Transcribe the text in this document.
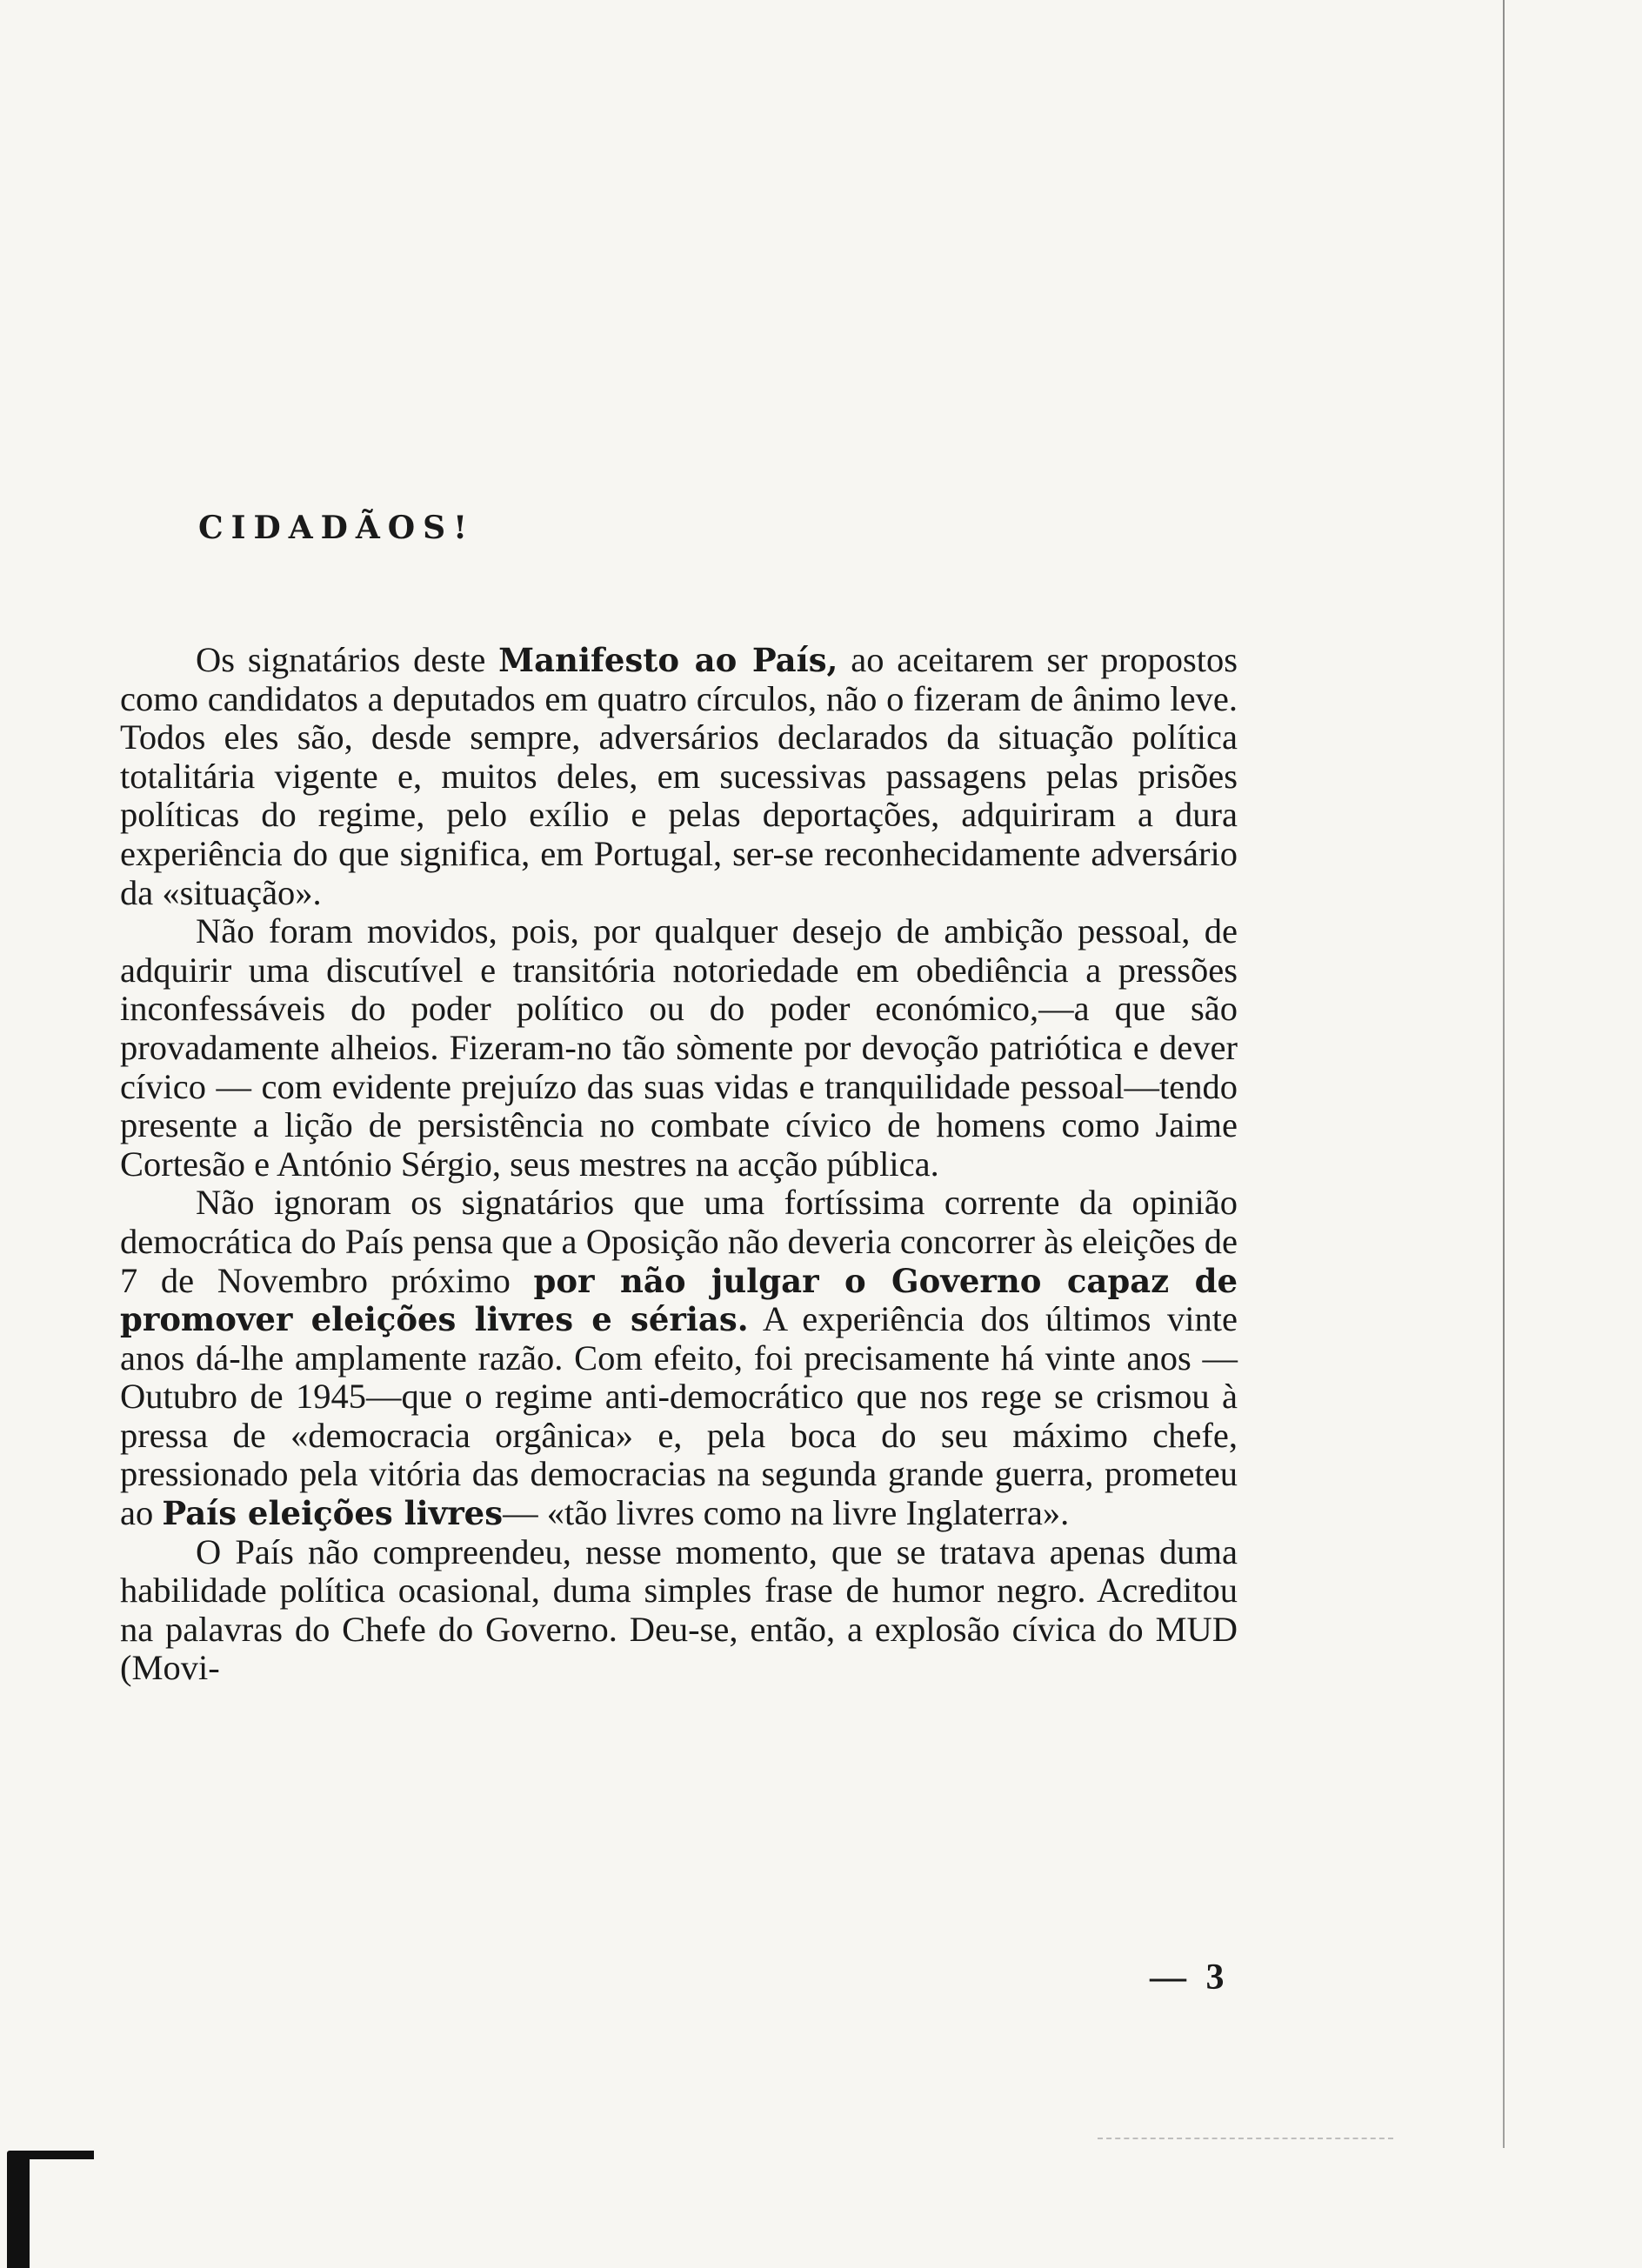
CIDADÃOS!

Os signatários deste Manifesto ao País, ao aceitarem ser propostos como candidatos a deputados em quatro círculos, não o fizeram de ânimo leve. Todos eles são, desde sempre, adversários declarados da situação política totalitária vigente e, muitos deles, em sucessivas passagens pelas prisões políticas do regime, pelo exílio e pelas deportações, adquiriram a dura experiência do que significa, em Portugal, ser-se reconhecidamente adversário da «situação».

Não foram movidos, pois, por qualquer desejo de ambição pessoal, de adquirir uma discutível e transitória notoriedade em obediência a pressões inconfessáveis do poder político ou do poder económico,—a que são provadamente alheios. Fizeram-no tão sòmente por devoção patriótica e dever cívico — com evidente prejuízo das suas vidas e tranquilidade pessoal—tendo presente a lição de persistência no combate cívico de homens como Jaime Cortesão e António Sérgio, seus mestres na acção pública.

Não ignoram os signatários que uma fortíssima corrente da opinião democrática do País pensa que a Oposição não deveria concorrer às eleições de 7 de Novembro próximo por não julgar o Governo capaz de promover eleições livres e sérias. A experiência dos últimos vinte anos dá-lhe amplamente razão. Com efeito, foi precisamente há vinte anos — Outubro de 1945—que o regime anti-democrático que nos rege se crismou à pressa de «democracia orgânica» e, pela boca do seu máximo chefe, pressionado pela vitória das democracias na segunda grande guerra, prometeu ao País eleições livres— «tão livres como na livre Inglaterra».

O País não compreendeu, nesse momento, que se tratava apenas duma habilidade política ocasional, duma simples frase de humor negro. Acreditou na palavras do Chefe do Governo. Deu-se, então, a explosão cívica do MUD (Movi-

— 3
